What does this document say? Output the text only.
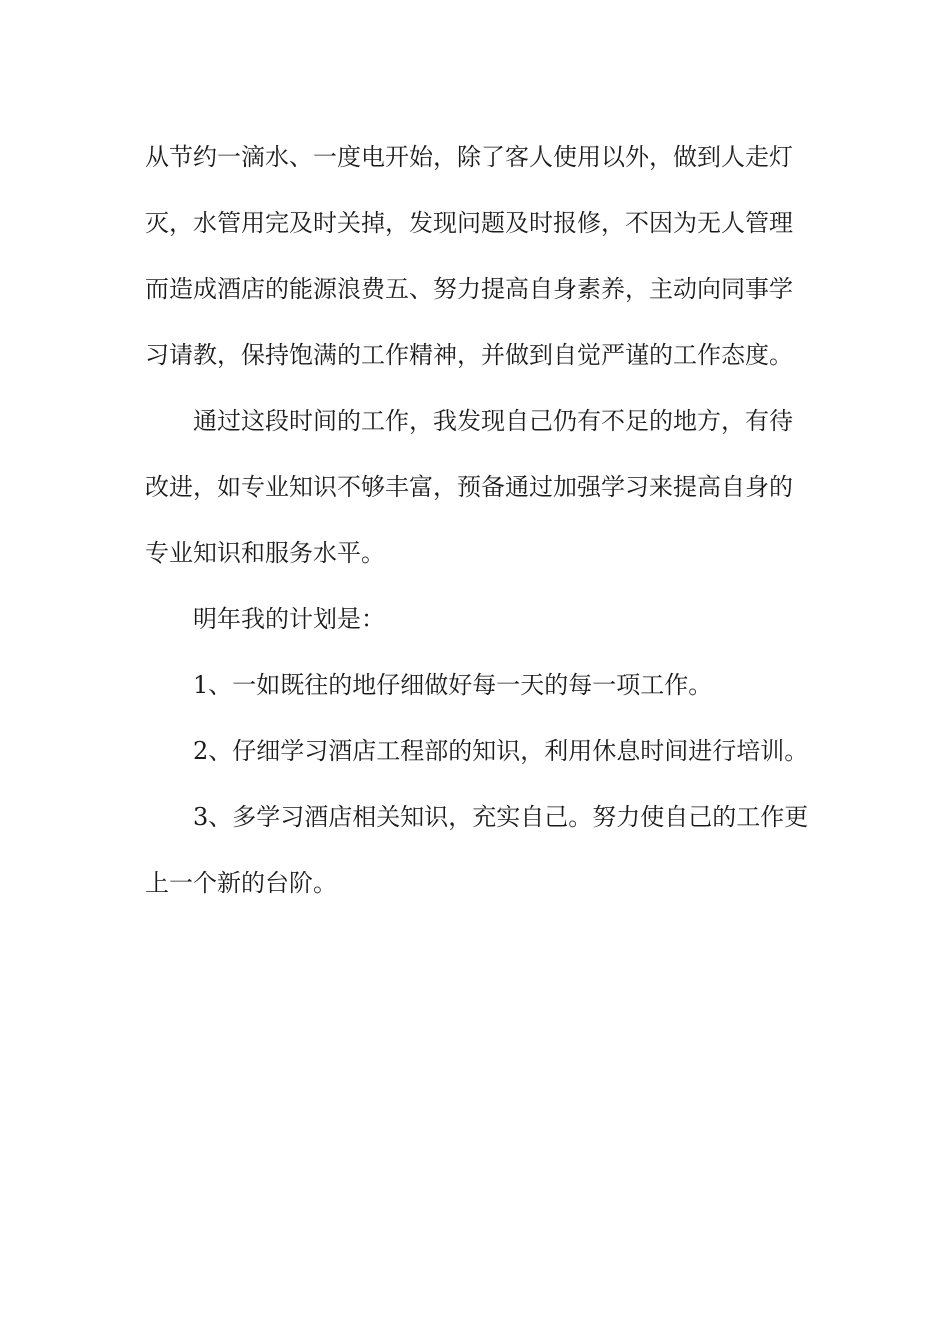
从节约一滴水、一度电开始，除了客人使用以外，做到人走灯
灭，水管用完及时关掉，发现问题及时报修，不因为无人管理
而造成酒店的能源浪费五、努力提高自身素养，主动向同事学
习请教，保持饱满的工作精神，并做到自觉严谨的工作态度。

通过这段时间的工作，我发现自己仍有不足的地方，有待
改进，如专业知识不够丰富，预备通过加强学习来提高自身的
专业知识和服务水平。

明年我的计划是：

1、一如既往的地仔细做好每一天的每一项工作。

2、仔细学习酒店工程部的知识，利用休息时间进行培训。

3、多学习酒店相关知识，充实自己。努力使自己的工作更
上一个新的台阶。
